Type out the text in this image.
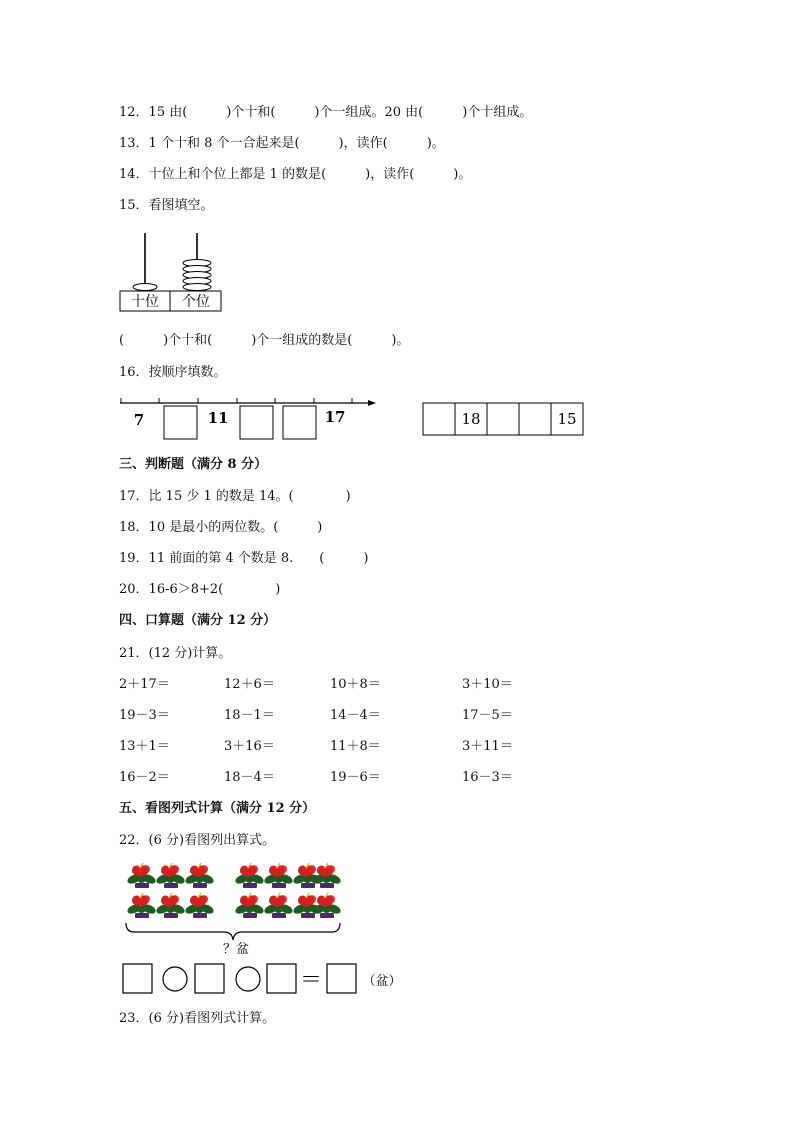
12．15 由(　　　)个十和(　　　)个一组成。20 由(　　　)个十组成。
13．1 个十和 8 个一合起来是(　　　)，读作(　　　)。
14．十位上和个位上都是 1 的数是(　　　)，读作(　　　)。
15．看图填空。
十位 个位
(　　　)个十和(　　　)个一组成的数是(　　　)。
16．按顺序填数。
7	11	17	18	15
三、判断题（满分 8 分）
17．比 15 少 1 的数是 14。(　　　　)
18．10 是最小的两位数。(　　　)
19．11 前面的第 4 个数是 8.　　(　　　)
20．16-6＞8+2(　　　　)
四、口算题（满分 12 分）
21．(12 分)计算。
2＋17＝	12＋6＝	10＋8＝	3＋10＝
19－3＝	18－1＝	14－4＝	17－5＝
13＋1＝	3＋16＝	11＋8＝	3＋11＝
16－2＝	18－4＝	19－6＝	16－3＝
五、看图列式计算（满分 12 分）
22．(6 分)看图列出算式。
？盆
＝	（盆）
23．(6 分)看图列式计算。
